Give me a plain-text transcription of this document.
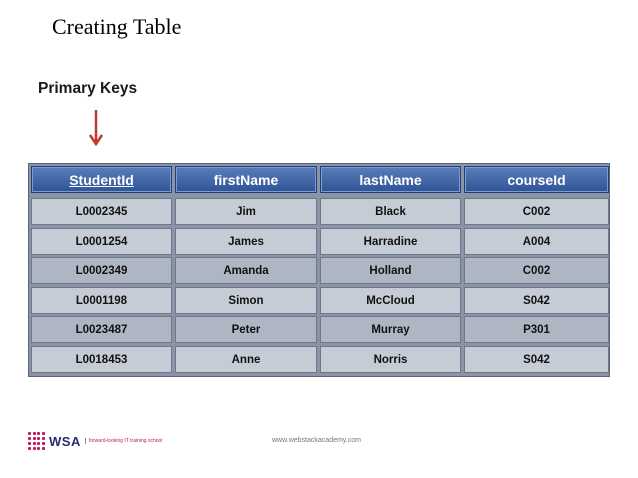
Creating Table
Primary Keys
StudentId	firstName	lastName	courseId
L0002345	Jim	Black	C002
L0001254	James	Harradine	A004
L0002349	Amanda	Holland	C002
L0001198	Simon	McCloud	S042
L0023487	Peter	Murray	P301
L0018453	Anne	Norris	S042
WSA	forward-looking IT training school	www.webstackacademy.com
